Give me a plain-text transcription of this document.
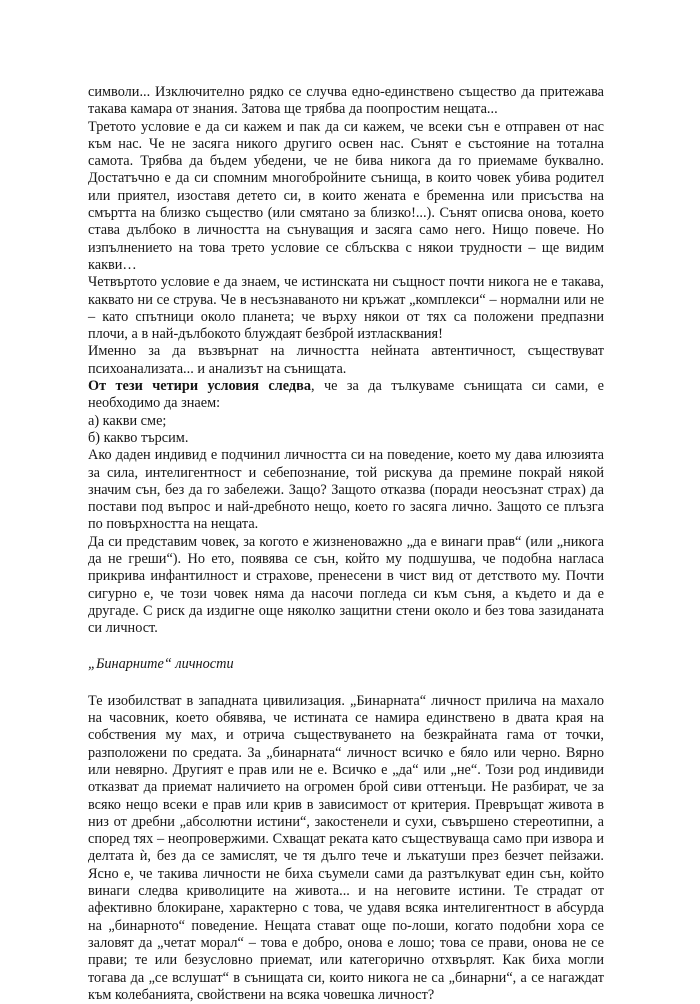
символи... Изключително рядко се случва едно-единствено същество да притежава такава камара от знания. Затова ще трябва да поопростим нещата...

Третото условие е да си кажем и пак да си кажем, че всеки сън е отправен от нас към нас. Че не засяга никого другиго освен нас. Сънят е състояние на тотална самота. Трябва да бъдем убедени, че не бива никога да го приемаме буквално. Достатъчно е да си спомним многобройните сънища, в които човек убива родител или приятел, изоставя детето си, в които жената е бременна или присъства на смъртта на близко същество (или смятано за близко!...). Сънят описва онова, което става дълбоко в личността на сънуващия и засяга само него. Нищо повече. Но изпълнението на това трето условие се сблъсква с някои трудности – ще видим какви…

Четвъртото условие е да знаем, че истинската ни същност почти никога не е такава, каквато ни се струва. Че в несъзнаваното ни кръжат „комплекси“ – нормални или не – като спътници около планета; че върху някои от тях са положени предпазни плочи, а в най-дълбокото блуждаят безброй изтласквания!

Именно за да възвърнат на личността нейната автентичност, съществуват психоанализата... и анализът на сънищата.

От тези четири условия следва, че за да тълкуваме сънищата си сами, е необходимо да знаем:

а) какви сме;

б) какво търсим.

Ако даден индивид е подчинил личността си на поведение, което му дава илюзията за сила, интелигентност и себепознание, той рискува да премине покрай някой значим сън, без да го забележи. Защо? Защото отказва (поради неосъзнат страх) да постави под въпрос и най-дребното нещо, което го засяга лично. Защото се плъзга по повърхността на нещата.

Да си представим човек, за когото е жизненоважно „да е винаги прав“ (или „никога да не греши“). Но ето, появява се сън, който му подшушва, че подобна нагласа прикрива инфантилност и страхове, пренесени в чист вид от детството му. Почти сигурно е, че този човек няма да насочи погледа си към съня, а където и да е другаде. С риск да издигне още няколко защитни стени около и без това зазиданата си личност.

„Бинарните“ личности

Те изобилстват в западната цивилизация. „Бинарната“ личност прилича на махало на часовник, което обявява, че истината се намира единствено в двата края на собствения му мах, и отрича съществуването на безкрайната гама от точки, разположени по средата. За „бинарната“ личност всичко е бяло или черно. Вярно или невярно. Другият е прав или не е. Всичко е „да“ или „не“. Този род индивиди отказват да приемат наличието на огромен брой сиви оттенъци. Не разбират, че за всяко нещо всеки е прав или крив в зависимост от критерия. Превръщат живота в низ от дребни „абсолютни истини“, закостенели и сухи, съвършено стереотипни, а според тях – неопровержими. Схващат реката като съществуваща само при извора и делтата ѝ, без да се замислят, че тя дълго тече и лъкатуши през безчет пейзажи. Ясно е, че такива личности не биха съумели сами да разтълкуват един сън, който винаги следва криволиците на живота... и на неговите истини. Те страдат от афективно блокиране, характерно с това, че удавя всяка интелигентност в абсурда на „бинарното“ поведение. Нещата стават още по-лоши, когато подобни хора се заловят да „четат морал“ – това е добро, онова е лошо; това се прави, онова не се прави; те или безусловно приемат, или категорично отхвърлят. Как биха могли тогава да „се вслушат“ в сънищата си, които никога не са „бинарни“, а се нагаждат към колебанията, свойствени на всяка човешка личност?
